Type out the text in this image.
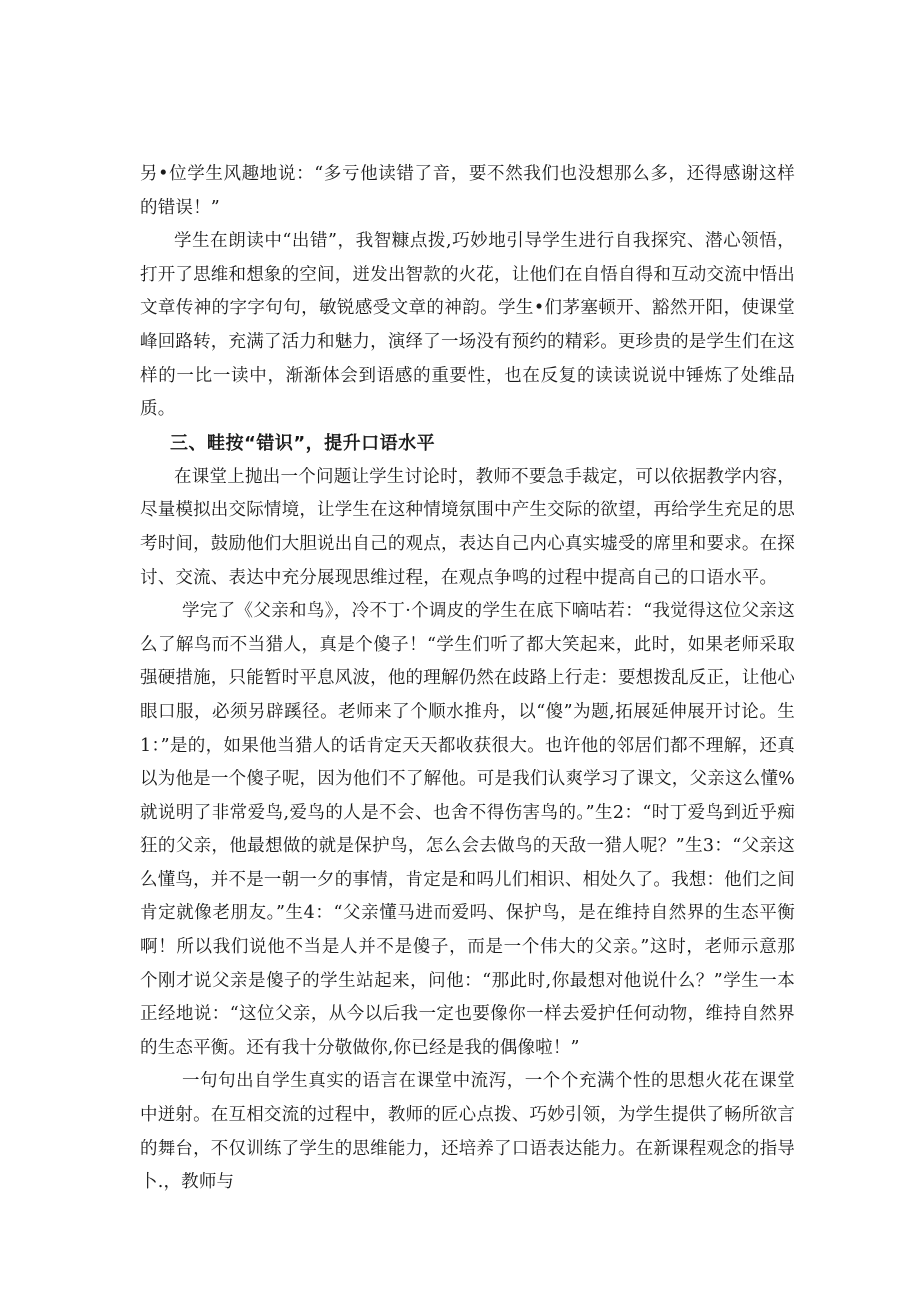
另•位学生风趣地说：“多亏他读错了音，要不然我们也没想那么多，还得感谢这样的错误！”

学生在朗读中“出错”，我智糠点拨,巧妙地引导学生进行自我探究、潜心领悟，打开了思维和想象的空间，迸发出智款的火花，让他们在自悟自得和互动交流中悟出文章传神的字字句句，敏锐感受文章的神韵。学生•们茅塞顿开、豁然开阳，使课堂峰回路转，充满了活力和魅力，演绎了一场没有预约的精彩。更珍贵的是学生们在这样的一比一读中，渐渐体会到语感的重要性，也在反复的读读说说中锤炼了处维品质。

三、畦按“错识”，提升口语水平

在课堂上抛出一个问题让学生讨论时，教师不要急手裁定，可以依据教学内容，尽量模拟出交际情境，让学生在这种情境氛围中产生交际的欲望，再给学生充足的思考时间，鼓励他们大胆说出自己的观点，表达自己内心真实墟受的席里和要求。在探讨、交流、表达中充分展现思维过程，在观点争鸣的过程中提高自己的口语水平。

学完了《父亲和鸟》，冷不丁·个调皮的学生在底下嘀咕若：“我觉得这位父亲这么了解鸟而不当猎人，真是个傻子！“学生们听了都大笑起来，此时，如果老师采取强硬措施，只能暂时平息风波，他的理解仍然在歧路上行走：要想拨乱反正，让他心眼口服，必须另辟蹊径。老师来了个顺水推舟，以“傻”为题,拓展延伸展开讨论。生1：”是的，如果他当猎人的话肯定天天都收获很大。也许他的邻居们都不理解，还真以为他是一个傻子呢，因为他们不了解他。可是我们认爽学习了课文，父亲这么懂%就说明了非常爱鸟,爱鸟的人是不会、也舍不得伤害鸟的。”生2：“时丁爱鸟到近乎痴狂的父亲，他最想做的就是保护鸟，怎么会去做鸟的天敌一猎人呢？”生3：“父亲这么懂鸟，并不是一朝一夕的事情，肯定是和吗儿们相识、相处久了。我想：他们之间肯定就像老朋友。”生4：“父亲懂马进而爱吗、保护鸟，是在维持自然界的生态平衡啊！所以我们说他不当是人并不是傻子，而是一个伟大的父亲。”这时，老师示意那个刚才说父亲是傻子的学生站起来，问他：“那此时,你最想对他说什么？”学生一本正经地说：“这位父亲，从今以后我一定也要像你一样去爱护任何动物，维持自然界的生态平衡。还有我十分敬做你,你已经是我的偶像啦！”

一句句出自学生真实的语言在课堂中流泻，一个个充满个性的思想火花在课堂中迸射。在互相交流的过程中，教师的匠心点拨、巧妙引领，为学生提供了畅所欲言的舞台，不仅训练了学生的思维能力，还培养了口语表达能力。在新课程观念的指导卜.，教师与
